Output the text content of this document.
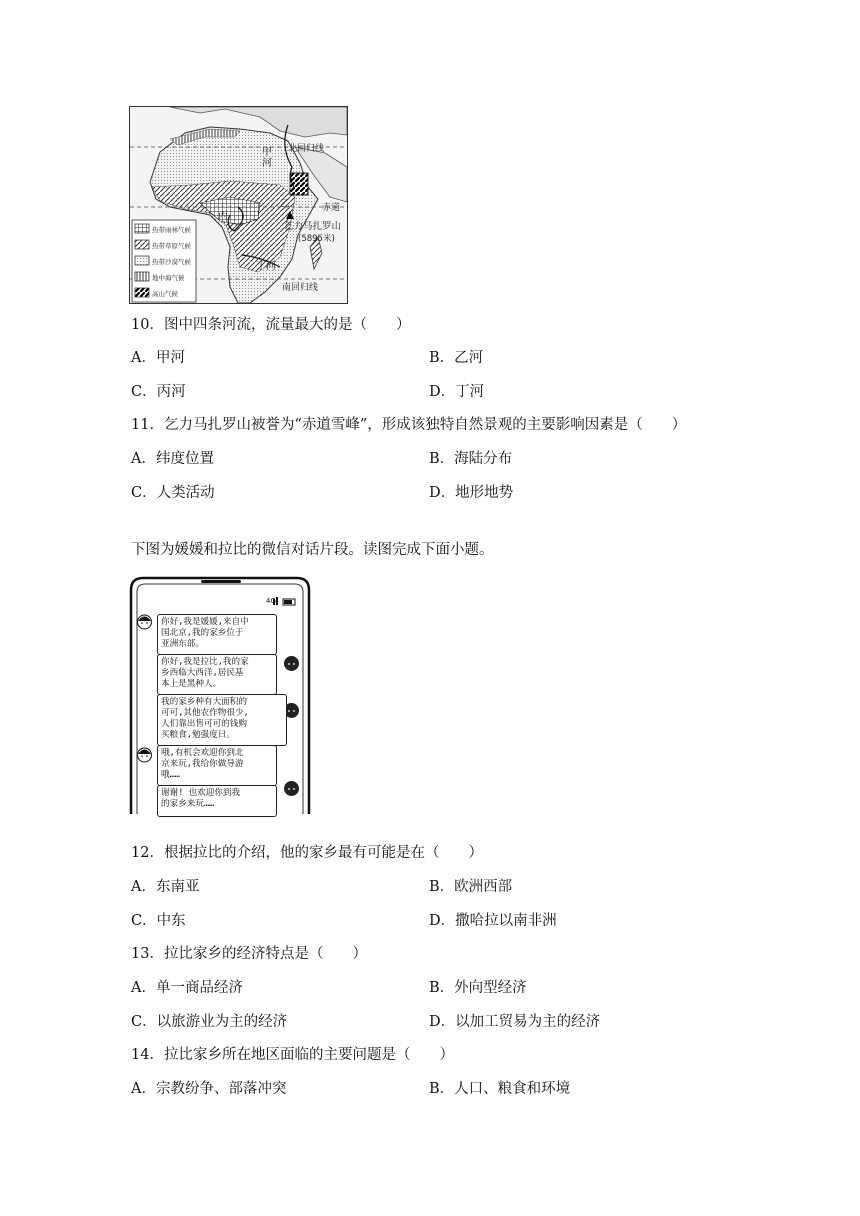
甲河
北回归线
赤道
丙
乙
乞力马扎罗山
(5895米)
丁河
南回归线
热带雨林气候
热带草原气候
热带沙漠气候
地中海气候
高山气候
10．图中四条河流，流量最大的是（　　）
A．甲河	B．乙河
C．丙河	D．丁河
11．乞力马扎罗山被誉为“赤道雪峰”，形成该独特自然景观的主要影响因素是（　　）
A．纬度位置	B．海陆分布
C．人类活动	D．地形地势
下图为媛媛和拉比的微信对话片段。读图完成下面小题。
4G
你好,我是媛媛,来自中
国北京,我的家乡位于
亚洲东部。
你好,我是拉比,我的家
乡西临大西洋,居民基
本上是黑种人。
我的家乡种有大面积的
可可,其他农作物很少,
人们靠出售可可的钱购
买粮食,勉强度日。
哦,有机会欢迎你到北
京来玩,我给你做导游
哦……
谢谢! 也欢迎你到我
的家乡来玩……
12．根据拉比的介绍，他的家乡最有可能是在（　　）
A．东南亚	B．欧洲西部
C．中东	D．撒哈拉以南非洲
13．拉比家乡的经济特点是（　　）
A．单一商品经济	B．外向型经济
C．以旅游业为主的经济	D．以加工贸易为主的经济
14．拉比家乡所在地区面临的主要问题是（　　）
A．宗教纷争、部落冲突	B．人口、粮食和环境
